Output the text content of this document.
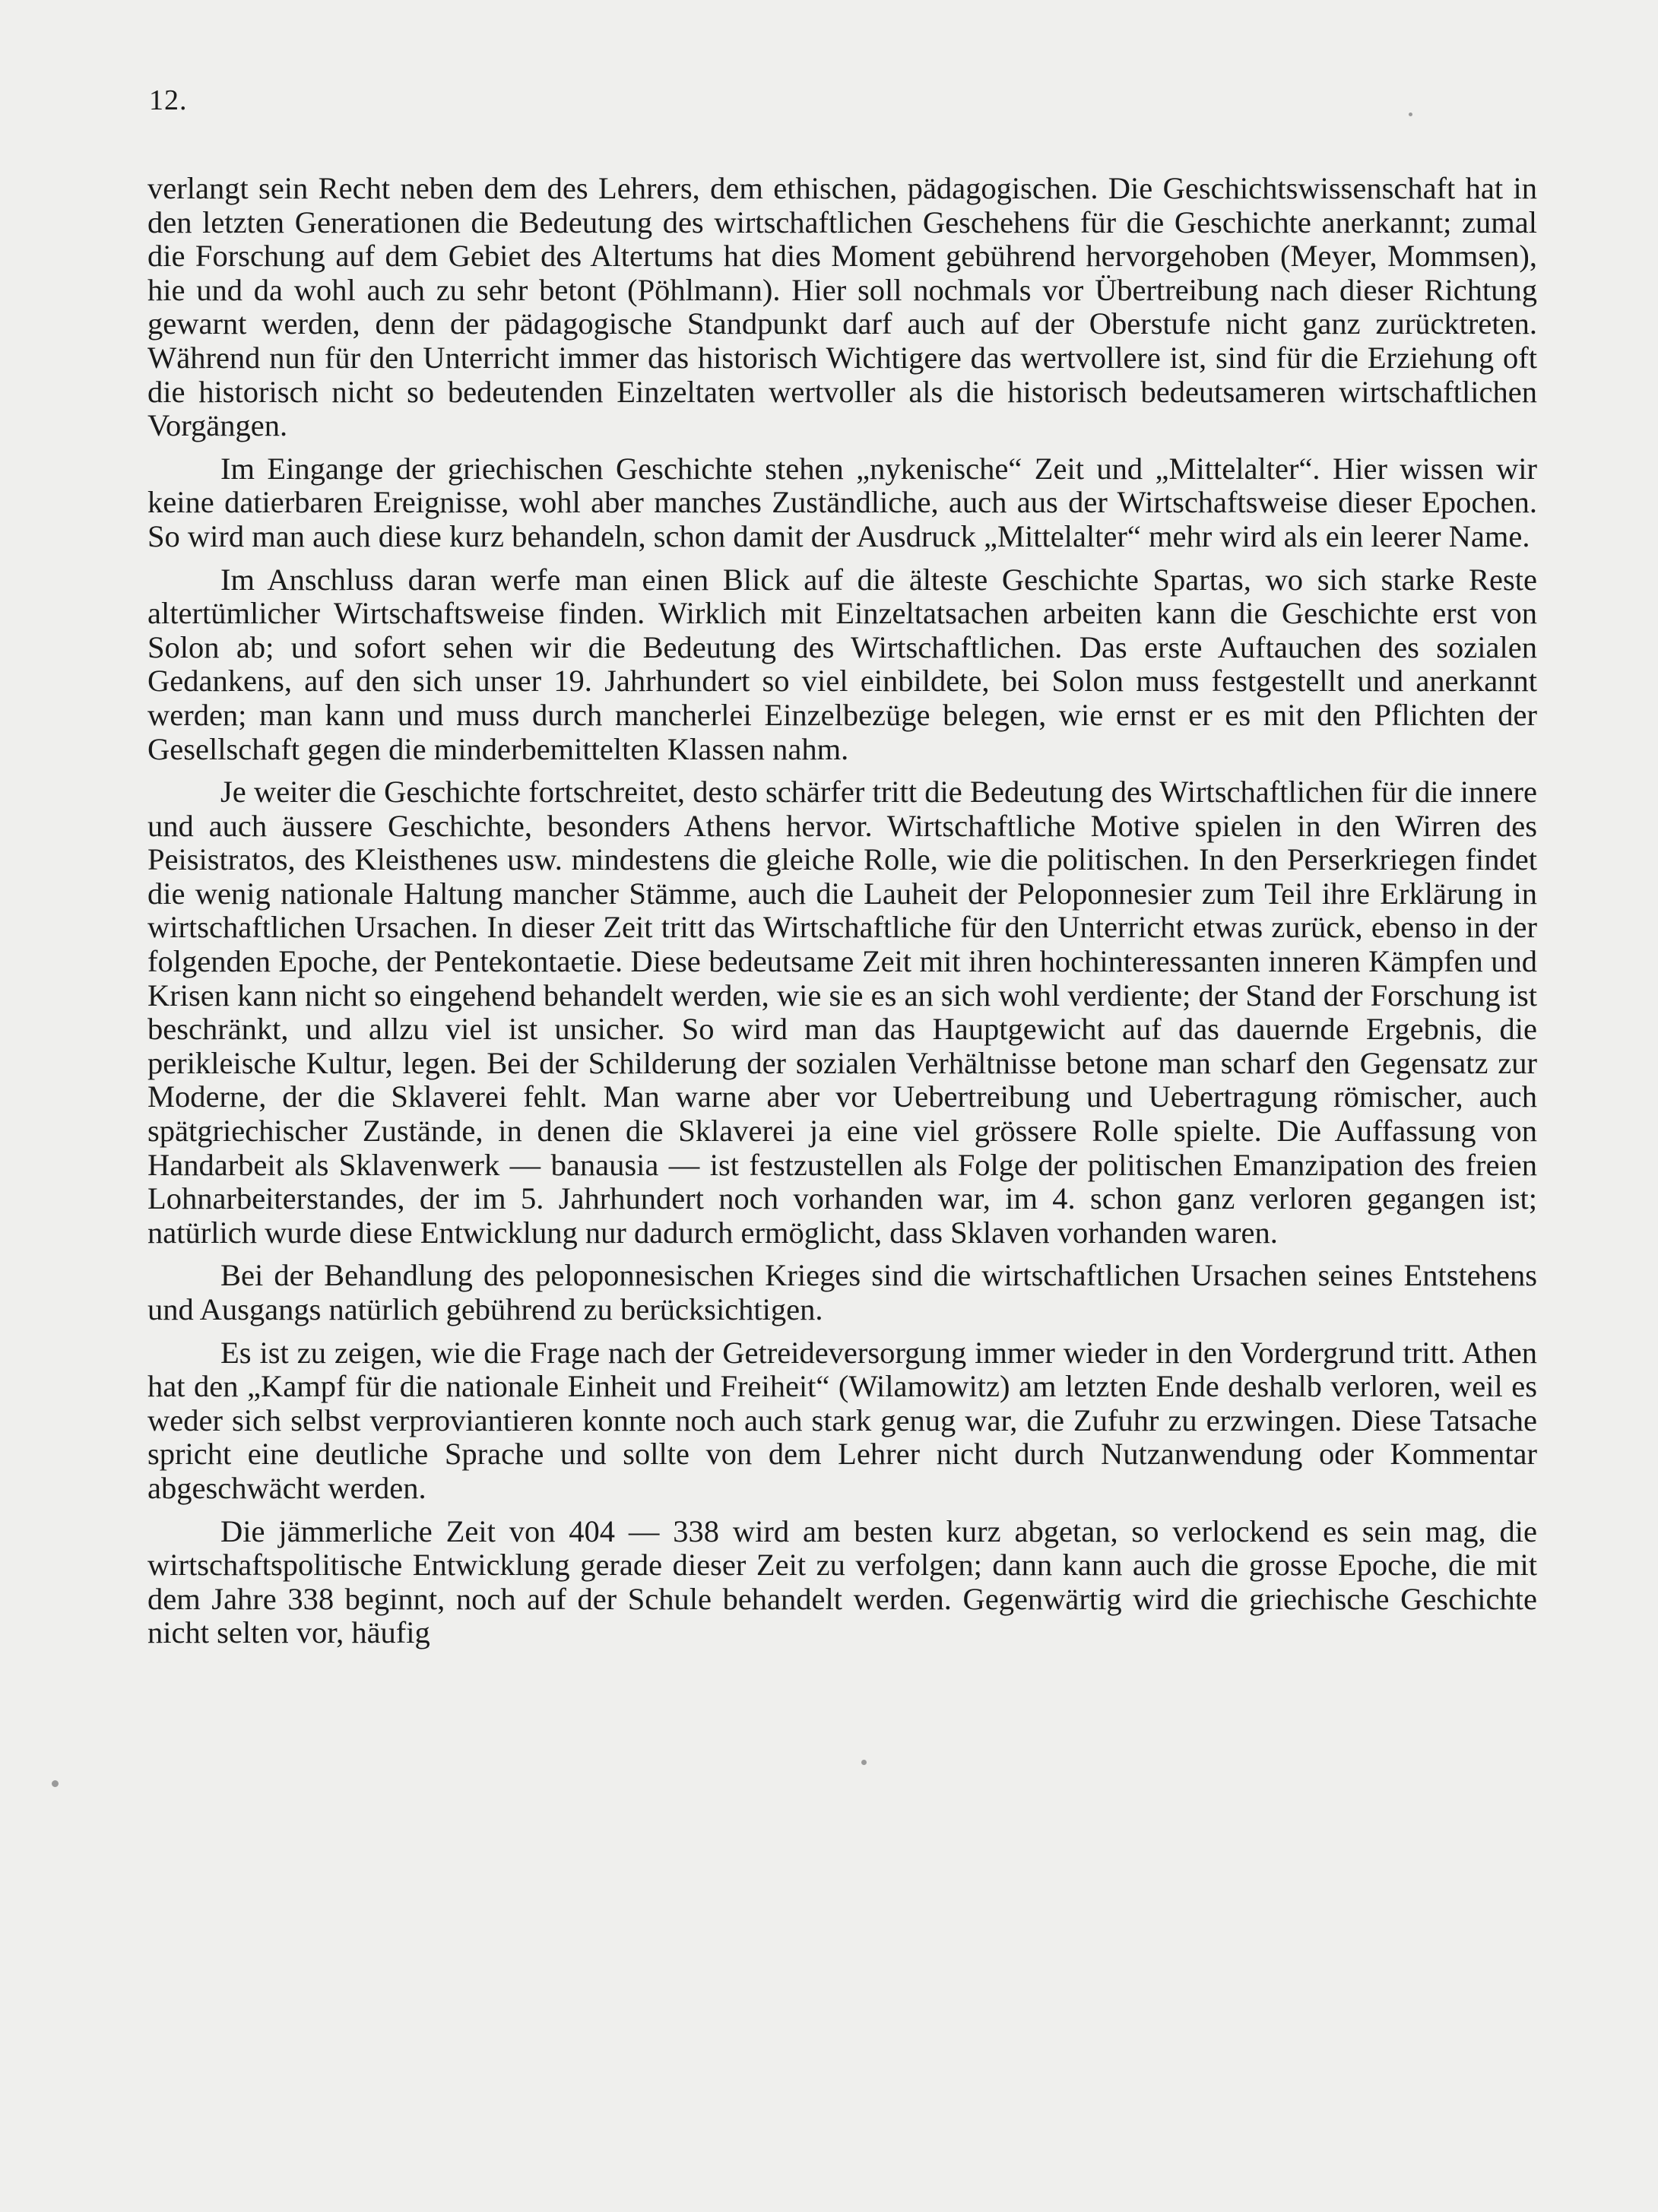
12.

verlangt sein Recht neben dem des Lehrers, dem ethischen, pädagogischen. Die Geschichtswissenschaft hat in den letzten Generationen die Bedeutung des wirtschaftlichen Geschehens für die Geschichte anerkannt; zumal die Forschung auf dem Gebiet des Altertums hat dies Moment gebührend hervorgehoben (Meyer, Mommsen), hie und da wohl auch zu sehr betont (Pöhlmann). Hier soll nochmals vor Übertreibung nach dieser Richtung gewarnt werden, denn der pädagogische Standpunkt darf auch auf der Oberstufe nicht ganz zurücktreten. Während nun für den Unterricht immer das historisch Wichtigere das wertvollere ist, sind für die Erziehung oft die historisch nicht so bedeutenden Einzeltaten wertvoller als die historisch bedeutsameren wirtschaftlichen Vorgängen.

Im Eingange der griechischen Geschichte stehen „nykenische“ Zeit und „Mittelalter“. Hier wissen wir keine datierbaren Ereignisse, wohl aber manches Zuständliche, auch aus der Wirtschaftsweise dieser Epochen. So wird man auch diese kurz behandeln, schon damit der Ausdruck „Mittelalter“ mehr wird als ein leerer Name.

Im Anschluss daran werfe man einen Blick auf die älteste Geschichte Spartas, wo sich starke Reste altertümlicher Wirtschaftsweise finden. Wirklich mit Einzeltatsachen arbeiten kann die Geschichte erst von Solon ab; und sofort sehen wir die Bedeutung des Wirtschaftlichen. Das erste Auftauchen des sozialen Gedankens, auf den sich unser 19. Jahrhundert so viel einbildete, bei Solon muss festgestellt und anerkannt werden; man kann und muss durch mancherlei Einzelbezüge belegen, wie ernst er es mit den Pflichten der Gesellschaft gegen die minderbemittelten Klassen nahm.

Je weiter die Geschichte fortschreitet, desto schärfer tritt die Bedeutung des Wirtschaftlichen für die innere und auch äussere Geschichte, besonders Athens hervor. Wirtschaftliche Motive spielen in den Wirren des Peisistratos, des Kleisthenes usw. mindestens die gleiche Rolle, wie die politischen. In den Perserkriegen findet die wenig nationale Haltung mancher Stämme, auch die Lauheit der Peloponnesier zum Teil ihre Erklärung in wirtschaftlichen Ursachen. In dieser Zeit tritt das Wirtschaftliche für den Unterricht etwas zurück, ebenso in der folgenden Epoche, der Pentekontaetie. Diese bedeutsame Zeit mit ihren hochinteressanten inneren Kämpfen und Krisen kann nicht so eingehend behandelt werden, wie sie es an sich wohl verdiente; der Stand der Forschung ist beschränkt, und allzu viel ist unsicher. So wird man das Hauptgewicht auf das dauernde Ergebnis, die perikleische Kultur, legen. Bei der Schilderung der sozialen Verhältnisse betone man scharf den Gegensatz zur Moderne, der die Sklaverei fehlt. Man warne aber vor Uebertreibung und Uebertragung römischer, auch spätgriechischer Zustände, in denen die Sklaverei ja eine viel grössere Rolle spielte. Die Auffassung von Handarbeit als Sklavenwerk — banausia — ist festzustellen als Folge der politischen Emanzipation des freien Lohnarbeiterstandes, der im 5. Jahrhundert noch vorhanden war, im 4. schon ganz verloren gegangen ist; natürlich wurde diese Entwicklung nur dadurch ermöglicht, dass Sklaven vorhanden waren.

Bei der Behandlung des peloponnesischen Krieges sind die wirtschaftlichen Ursachen seines Entstehens und Ausgangs natürlich gebührend zu berücksichtigen.

Es ist zu zeigen, wie die Frage nach der Getreideversorgung immer wieder in den Vordergrund tritt. Athen hat den „Kampf für die nationale Einheit und Freiheit“ (Wilamowitz) am letzten Ende deshalb verloren, weil es weder sich selbst verproviantieren konnte noch auch stark genug war, die Zufuhr zu erzwingen. Diese Tatsache spricht eine deutliche Sprache und sollte von dem Lehrer nicht durch Nutzanwendung oder Kommentar abgeschwächt werden.

Die jämmerliche Zeit von 404 — 338 wird am besten kurz abgetan, so verlockend es sein mag, die wirtschaftspolitische Entwicklung gerade dieser Zeit zu verfolgen; dann kann auch die grosse Epoche, die mit dem Jahre 338 beginnt, noch auf der Schule behandelt werden. Gegenwärtig wird die griechische Geschichte nicht selten vor, häufig
